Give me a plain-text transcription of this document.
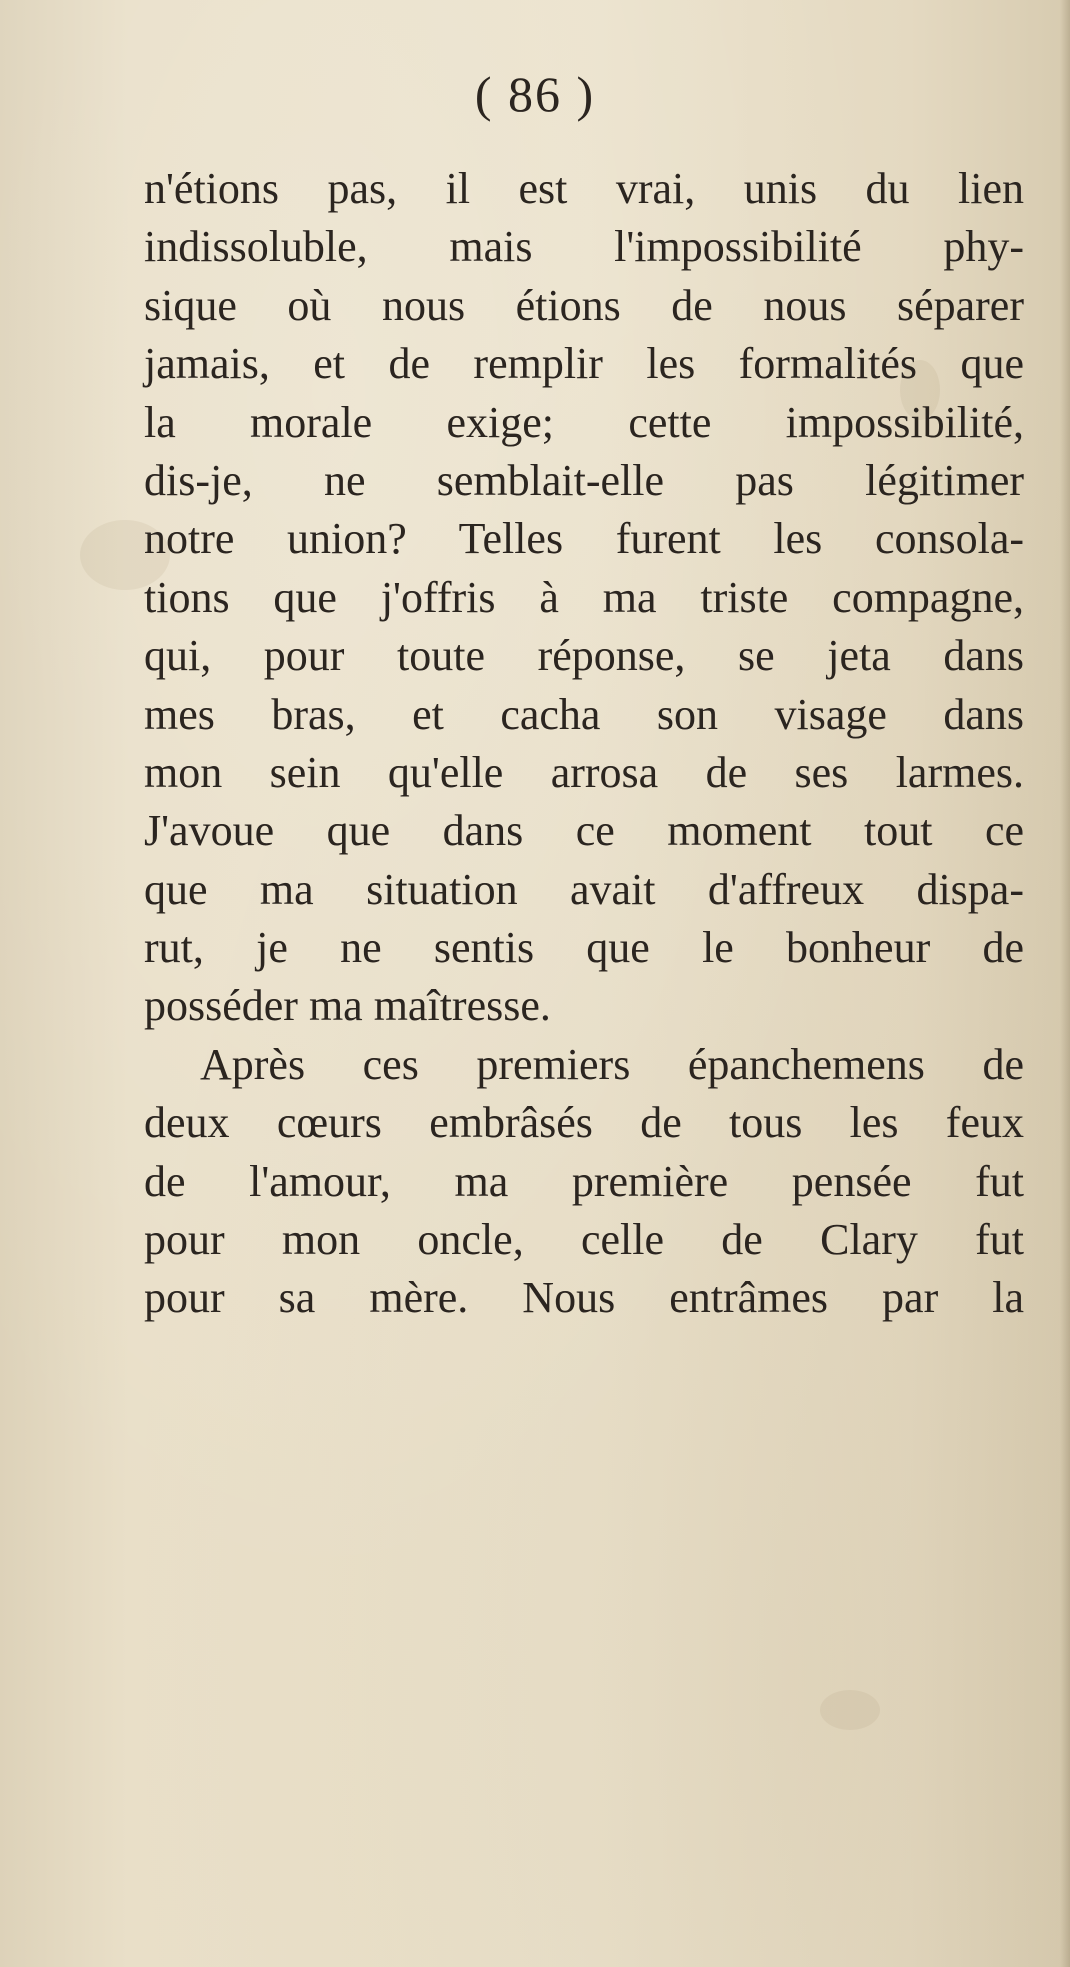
( 86 )
n'étions pas, il est vrai, unis du lien
indissoluble, mais l'impossibilité phy-
sique où nous étions de nous séparer
jamais, et de remplir les formalités que
la morale exige; cette impossibilité,
dis-je, ne semblait-elle pas légitimer
notre union? Telles furent les consola-
tions que j'offris à ma triste compagne,
qui, pour toute réponse, se jeta dans
mes bras, et cacha son visage dans
mon sein qu'elle arrosa de ses larmes.
J'avoue que dans ce moment tout ce
que ma situation avait d'affreux dispa-
rut, je ne sentis que le bonheur de
posséder ma maîtresse.
Après ces premiers épanchemens de
deux cœurs embrâsés de tous les feux
de l'amour, ma première pensée fut
pour mon oncle, celle de Clary fut
pour sa mère. Nous entrâmes par la
